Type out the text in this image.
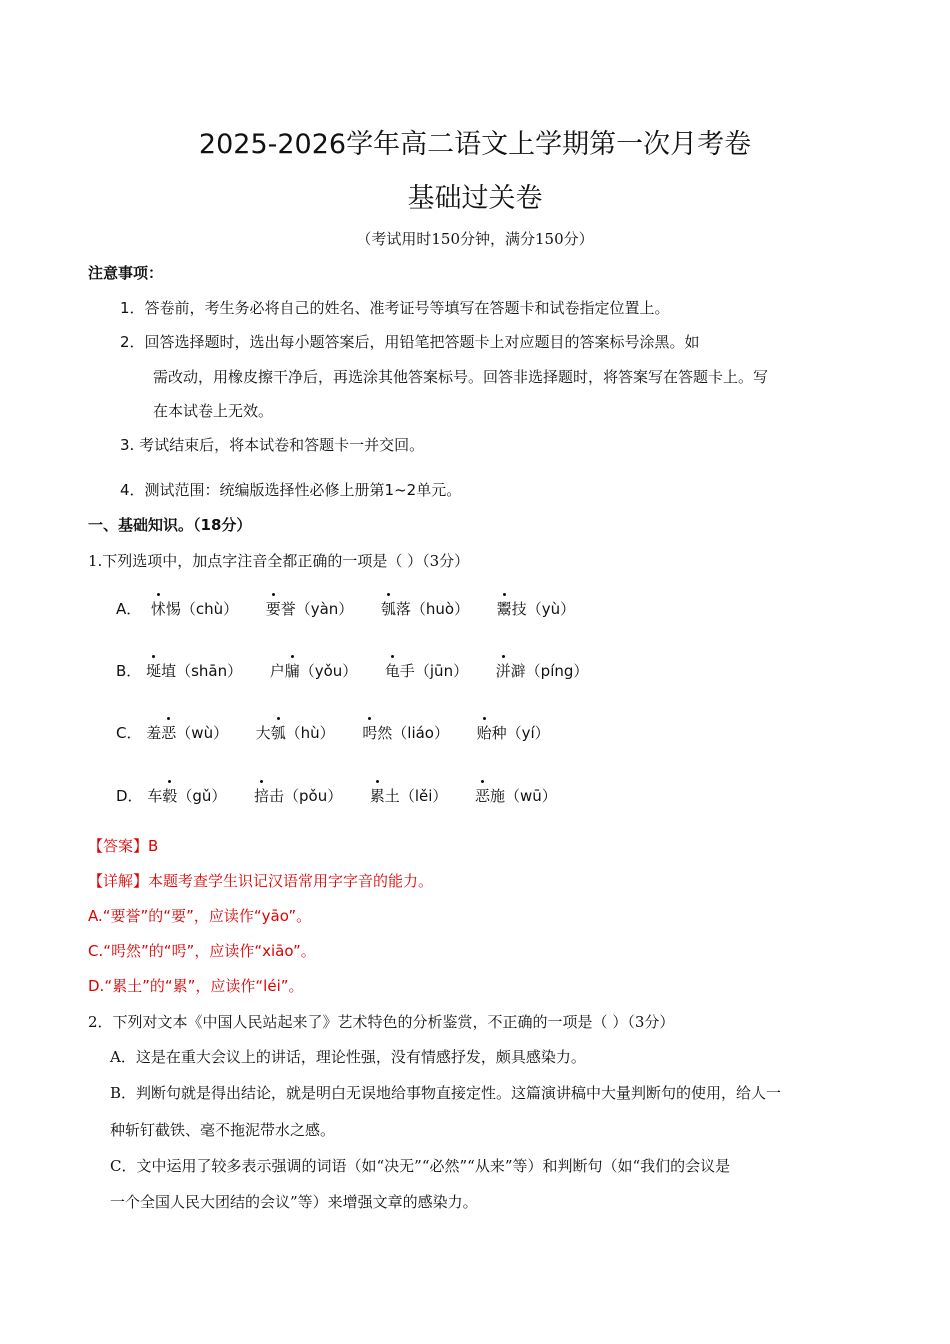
2025-2026学年高二语文上学期第一次月考卷
基础过关卷
（考试用时150分钟，满分150分）
注意事项：
1．答卷前，考生务必将自己的姓名、准考证号等填写在答题卡和试卷指定位置上。
2．回答选择题时，选出每小题答案后，用铅笔把答题卡上对应题目的答案标号涂黑。如
需改动，用橡皮擦干净后，再选涂其他答案标号。回答非选择题时，将答案写在答题卡上。写
在本试卷上无效。
3. 考试结束后，将本试卷和答题卡一并交回。
4．测试范围：统编版选择性必修上册第1~2单元。
一、基础知识。（18分）
1.下列选项中，加点字注音全都正确的一项是（ ）（3分）
A． 怵惕（chù） 要誉（yàn） 瓠落（huò） 鬻技（yù）
B． 埏埴（shān） 户牖（yǒu） 龟手（jūn） 洴澼（píng）
C． 羞恶（wù） 大瓠（hù） 呺然（liáo） 贻种（yí）
D． 车毂（gǔ） 掊击（pǒu） 累土（lěi） 恶施（wū）
【答案】B
【详解】本题考查学生识记汉语常用字字音的能力。
A.“要誉”的“要”，应读作“yāo”。
C.“呺然”的“呺”，应读作“xiāo”。
D.“累土”的“累”，应读作“léi”。
2．下列对文本《中国人民站起来了》艺术特色的分析鉴赏，不正确的一项是（ ）（3分）
A．这是在重大会议上的讲话，理论性强，没有情感抒发，颇具感染力。
B．判断句就是得出结论，就是明白无误地给事物直接定性。这篇演讲稿中大量判断句的使用，给人一
种斩钉截铁、毫不拖泥带水之感。
C．文中运用了较多表示强调的词语（如“决无”“必然”“从来”等）和判断句（如“我们的会议是
一个全国人民大团结的会议”等）来增强文章的感染力。
